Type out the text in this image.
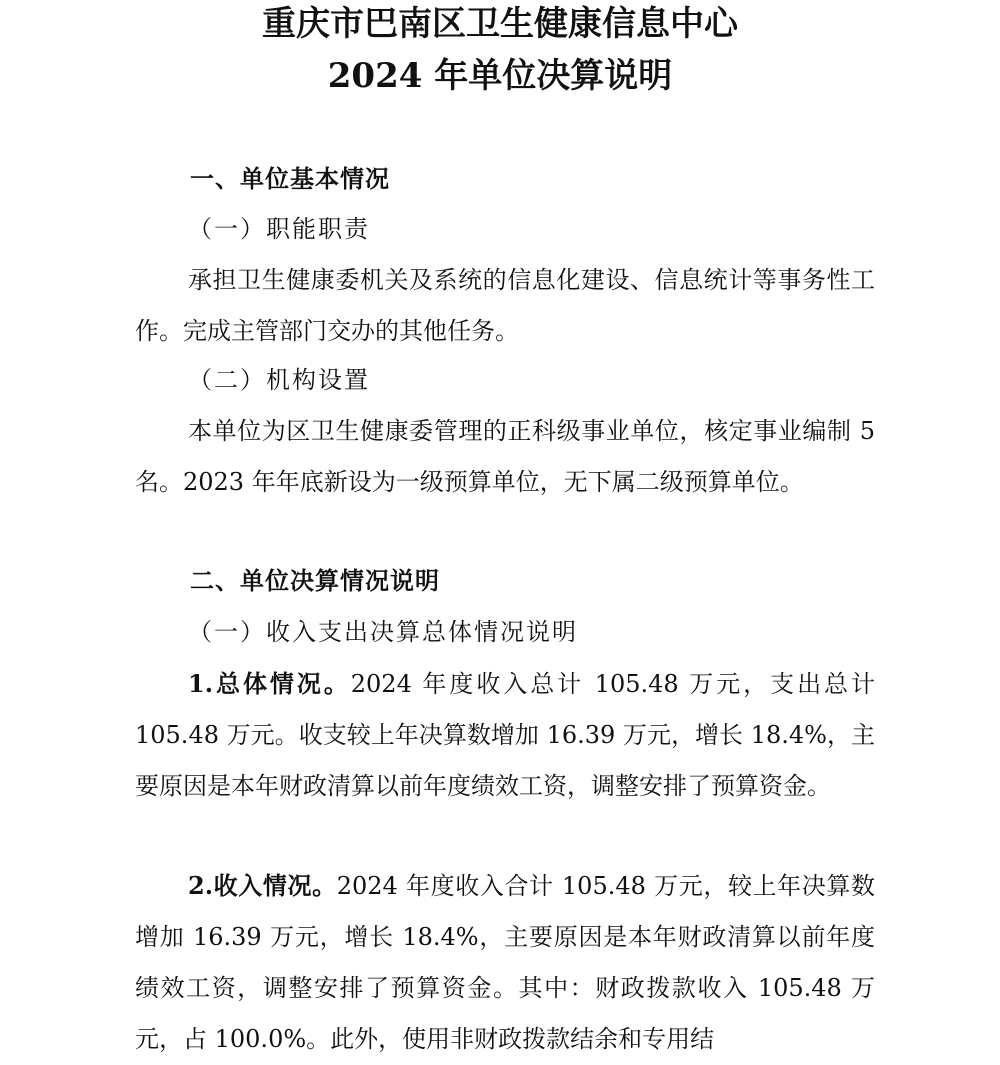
重庆市巴南区卫生健康信息中心
2024 年单位决算说明
一、单位基本情况
（一）职能职责
承担卫生健康委机关及系统的信息化建设、信息统计等事务性工作。完成主管部门交办的其他任务。
（二）机构设置
本单位为区卫生健康委管理的正科级事业单位，核定事业编制 5 名。2023 年年底新设为一级预算单位，无下属二级预算单位。
二、单位决算情况说明
（一）收入支出决算总体情况说明
1.总体情况。2024 年度收入总计 105.48 万元，支出总计 105.48 万元。收支较上年决算数增加 16.39 万元，增长 18.4%，主要原因是本年财政清算以前年度绩效工资，调整安排了预算资金。
2.收入情况。2024 年度收入合计 105.48 万元，较上年决算数增加 16.39 万元，增长 18.4%，主要原因是本年财政清算以前年度绩效工资，调整安排了预算资金。其中：财政拨款收入 105.48 万元，占 100.0%。此外，使用非财政拨款结余和专用结
